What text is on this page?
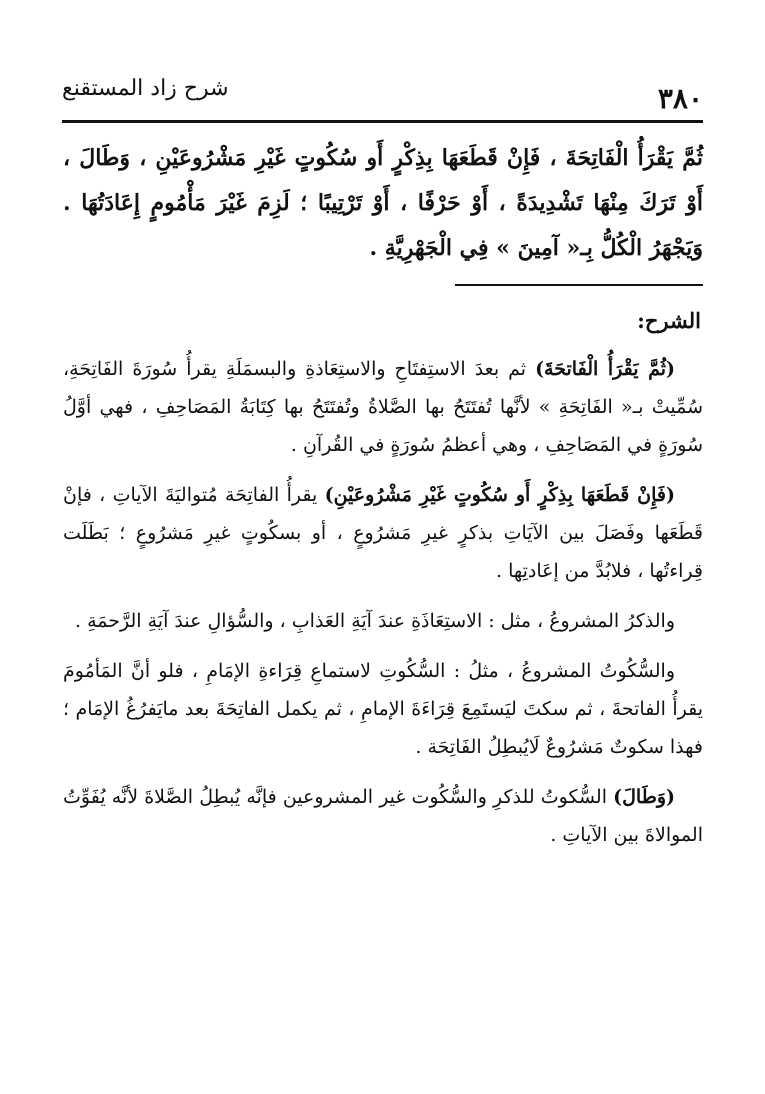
شرح زاد المستقنع	٣٨٠

ثُمَّ يَقْرَأُ الْفَاتِحَةَ ، فَإِنْ قَطَعَهَا بِذِكْرٍ أَو سُكُوتٍ غَيْرِ مَشْرُوعَيْنِ ، وَطَالَ ، أَوْ تَرَكَ مِنْهَا تَشْدِيدَةً ، أَوْ حَرْفًا ، أَوْ تَرْتِيبًا ؛ لَزِمَ غَيْرَ مَأْمُومٍ إِعَادَتُهَا . وَيَجْهَرُ الْكُلُّ بِـ« آمِينَ » فِي الْجَهْرِيَّةِ .

الشرح:

(ثُمَّ يَقْرَأُ الْفَاتحَةَ) ثم بعدَ الاستِفتَاحِ والاستِعَاذةِ والبسمَلَةِ يقرأُ سُورَةَ الفَاتِحَةِ، سُمِّيتْ بـ« الفَاتِحَةِ » لأنَّها تُفتَتَحُ بها الصَّلاةُ وتُفتَتَحُ بها كِتَابَةُ المَصَاحِفِ ، فهي أوَّلُ سُورَةٍ في المَصَاحِفِ ، وهي أعظمُ سُورَةٍ في القُرآنِ .

(فَإِنْ قَطَعَهَا بِذِكْرٍ أَو سُكُوتٍ غَيْرِ مَشْرُوعَيْنِ) يقرأُ الفاتِحَة مُتواليَةَ الآياتِ ، فإنْ قَطَعَها وفَصَلَ بين الآيَاتِ بذكرٍ غيرِ مَشرُوعٍ ، أو بسكُوتٍ غيرِ مَشرُوعٍ ؛ بَطَلَت قِراءتُها ، فلابُدَّ من إعَادتِها .

والذكرُ المشروعُ ، مثل : الاستِعَاذَةِ عندَ آيَةِ العَذابِ ، والسُّؤالِ عندَ آيَةِ الرَّحمَةِ .

والسُّكُوتُ المشروعُ ، مثلُ : السُّكُوتِ لاستماعِ قِرَاءةِ الإمَامِ ، فلو أنَّ المَأمُومَ يقرأُ الفاتحةَ ، ثم سكتَ ليَستَمِعَ قِرَاءَةَ الإمامِ ، ثم يكمل الفاتِحَةَ بعد مايَفرُغُ الإمَام ؛ فهذا سكوتٌ مَشرُوعٌ لَايُبطِلُ الفَاتِحَة .

(وَطَالَ) السُّكوتُ للذكرِ والسُّكُوت غير المشروعين فإنَّه يُبطِلُ الصَّلاةَ لأنَّه يُفَوِّتُ الموالاةَ بين الآياتِ .
